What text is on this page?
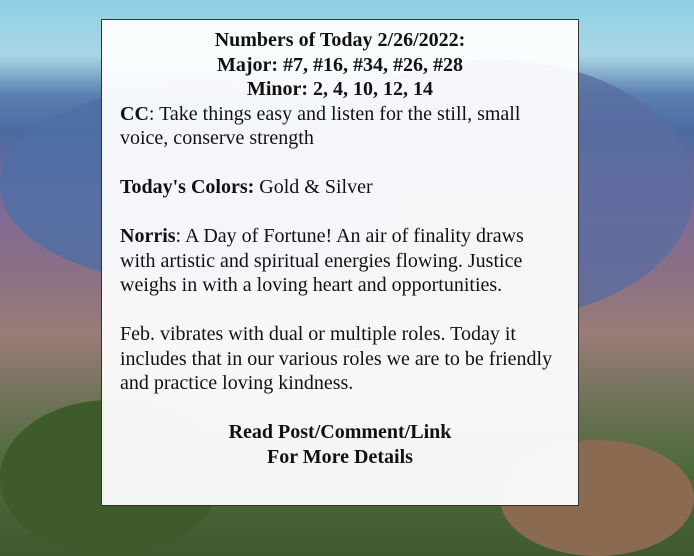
Numbers of Today 2/26/2022:
Major: #7, #16, #34, #26, #28
Minor: 2, 4, 10, 12, 14

CC: Take things easy and listen for the still, small voice, conserve strength

Today's Colors: Gold & Silver

Norris: A Day of Fortune! An air of finality draws with artistic and spiritual energies flowing. Justice weighs in with a loving heart and opportunities.

Feb. vibrates with dual or multiple roles. Today it includes that in our various roles we are to be friendly and practice loving kindness.

Read Post/Comment/Link
For More Details
